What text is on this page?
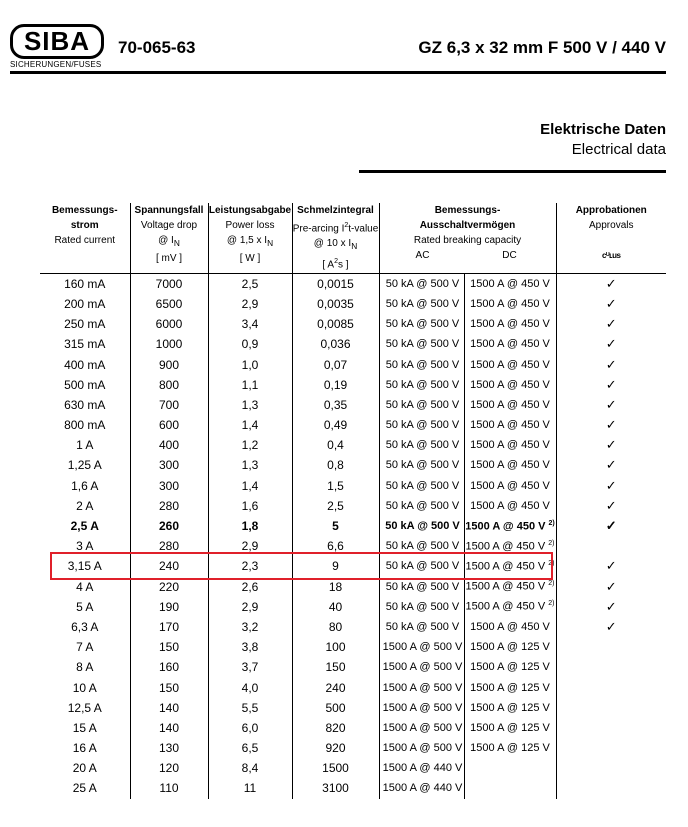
SIBA
SICHERUNGEN/FUSES
70-065-63	GZ 6,3 x 32 mm F 500 V / 440 V
Elektrische Daten
Electrical data
Bemessungs-
strom
Rated current	Spannungsfall
Voltage drop
@ $I_N$
[ mV ]	Leistungsabgabe
Power loss
@ 1,5 x $I_N$
[ W ]	Schmelzintegral
Pre-arcing $I^2t$-value
@ 10 x $I_N$
[ $A^2s$ ]	Bemessungs-
Ausschaltvermögen
Rated breaking capacity
AC DC		Approbationen
Approvals

cᵁʟus

160 mA	7000	2,5	0,0015	50 kA @ 500 V	1500 A @ 450 V	✓
200 mA	6500	2,9	0,0035	50 kA @ 500 V	1500 A @ 450 V	✓
250 mA	6000	3,4	0,0085	50 kA @ 500 V	1500 A @ 450 V	✓
315 mA	1000	0,9	0,036	50 kA @ 500 V	1500 A @ 450 V	✓
400 mA	900	1,0	0,07	50 kA @ 500 V	1500 A @ 450 V	✓
500 mA	800	1,1	0,19	50 kA @ 500 V	1500 A @ 450 V	✓
630 mA	700	1,3	0,35	50 kA @ 500 V	1500 A @ 450 V	✓
800 mA	600	1,4	0,49	50 kA @ 500 V	1500 A @ 450 V	✓
1 A	400	1,2	0,4	50 kA @ 500 V	1500 A @ 450 V	✓
1,25 A	300	1,3	0,8	50 kA @ 500 V	1500 A @ 450 V	✓
1,6 A	300	1,4	1,5	50 kA @ 500 V	1500 A @ 450 V	✓
2 A	280	1,6	2,5	50 kA @ 500 V	1500 A @ 450 V	✓
2,5 A	260	1,8	5	50 kA @ 500 V	1500 A @ 450 V $^{2)}$	✓
3 A	280	2,9	6,6	50 kA @ 500 V	1500 A @ 450 V $^{2)}$	
3,15 A	240	2,3	9	50 kA @ 500 V	1500 A @ 450 V $^{2)}$	✓
4 A	220	2,6	18	50 kA @ 500 V	1500 A @ 450 V $^{2)}$	✓
5 A	190	2,9	40	50 kA @ 500 V	1500 A @ 450 V $^{2)}$	✓
6,3 A	170	3,2	80	50 kA @ 500 V	1500 A @ 450 V	✓
7 A	150	3,8	100	1500 A @ 500 V	1500 A @ 125 V	
8 A	160	3,7	150	1500 A @ 500 V	1500 A @ 125 V	
10 A	150	4,0	240	1500 A @ 500 V	1500 A @ 125 V	
12,5 A	140	5,5	500	1500 A @ 500 V	1500 A @ 125 V	
15 A	140	6,0	820	1500 A @ 500 V	1500 A @ 125 V	
16 A	130	6,5	920	1500 A @ 500 V	1500 A @ 125 V	
20 A	120	8,4	1500	1500 A @ 440 V		
25 A	110	11	3100	1500 A @ 440 V		
